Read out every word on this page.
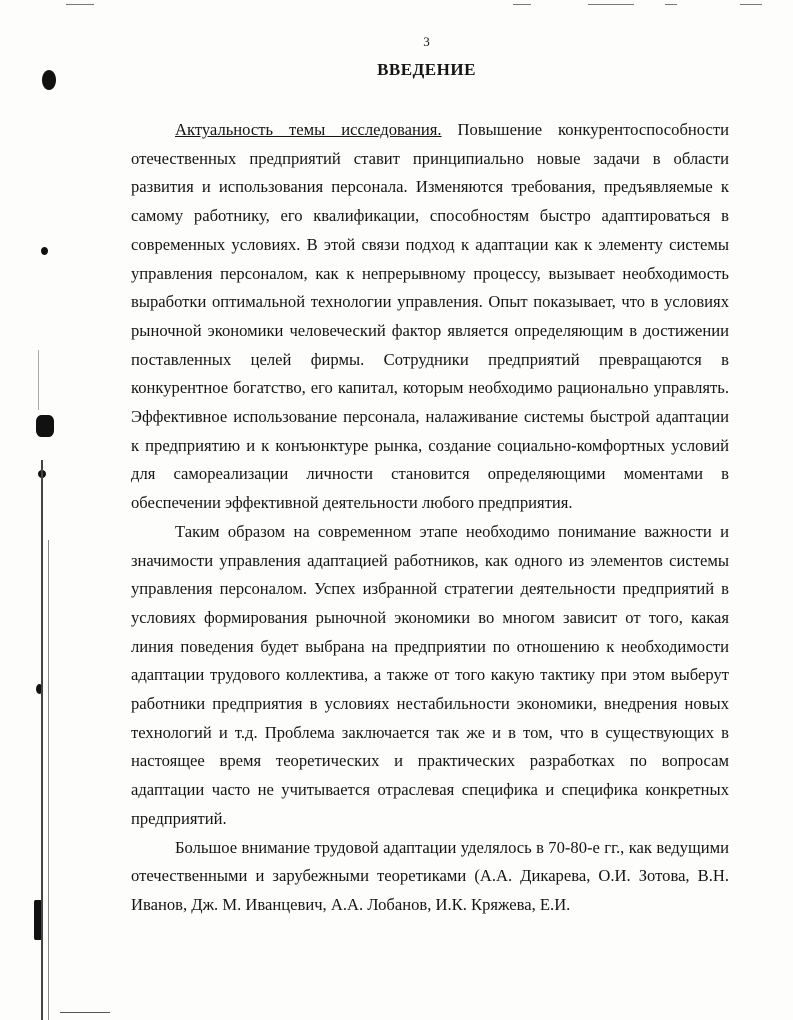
3
ВВЕДЕНИЕ

Актуальность темы исследования. Повышение конкурентоспособности отечественных предприятий ставит принципиально новые задачи в области развития и использования персонала. Изменяются требования, предъявляемые к самому работнику, его квалификации, способностям быстро адаптироваться в современных условиях. В этой связи подход к адаптации как к элементу системы управления персоналом, как к непрерывному процессу, вызывает необходимость выработки оптимальной технологии управления. Опыт показывает, что в условиях рыночной экономики человеческий фактор является определяющим в достижении поставленных целей фирмы. Сотрудники предприятий превращаются в конкурентное богатство, его капитал, которым необходимо рационально управлять. Эффективное использование персонала, налаживание системы быстрой адаптации к предприятию и к конъюнктуре рынка, создание социально-комфортных условий для самореализации личности становится определяющими моментами в обеспечении эффективной деятельности любого предприятия.

Таким образом на современном этапе необходимо понимание важности и значимости управления адаптацией работников, как одного из элементов системы управления персоналом. Успех избранной стратегии деятельности предприятий в условиях формирования рыночной экономики во многом зависит от того, какая линия поведения будет выбрана на предприятии по отношению к необходимости адаптации трудового коллектива, а также от того какую тактику при этом выберут работники предприятия в условиях нестабильности экономики, внедрения новых технологий и т.д. Проблема заключается так же и в том, что в существующих в настоящее время теоретических и практических разработках по вопросам адаптации часто не учитывается отраслевая специфика и специфика конкретных предприятий.

Большое внимание трудовой адаптации уделялось в 70-80-е гг., как ведущими отечественными и зарубежными теоретиками (А.А. Дикарева, О.И. Зотова, В.Н. Иванов, Дж. М. Иванцевич, А.А. Лобанов, И.К. Кряжева, Е.И.
